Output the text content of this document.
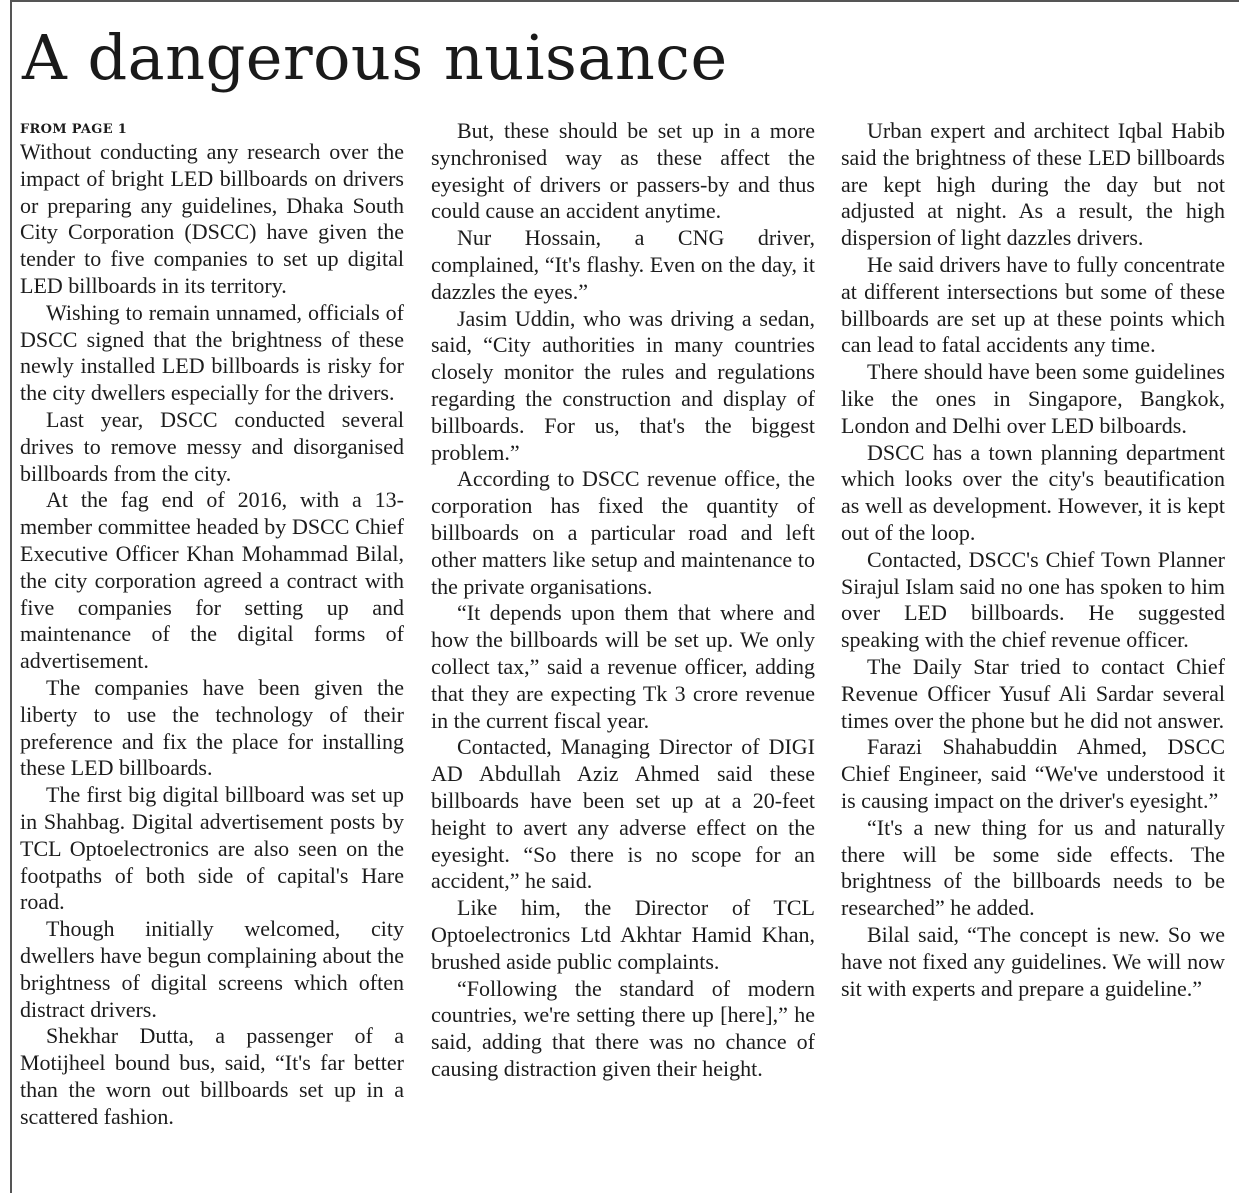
A dangerous nuisance
FROM PAGE 1

Without conducting any research over the impact of bright LED billboards on drivers or preparing any guidelines, Dhaka South City Corporation (DSCC) have given the tender to five companies to set up digital LED billboards in its territory.

Wishing to remain unnamed, officials of DSCC signed that the brightness of these newly installed LED billboards is risky for the city dwellers especially for the drivers.

Last year, DSCC conducted several drives to remove messy and disorganised billboards from the city.

At the fag end of 2016, with a 13-member committee headed by DSCC Chief Executive Officer Khan Mohammad Bilal, the city corporation agreed a contract with five companies for setting up and maintenance of the digital forms of advertisement.

The companies have been given the liberty to use the technology of their preference and fix the place for installing these LED billboards.

The first big digital billboard was set up in Shahbag. Digital advertisement posts by TCL Optoelectronics are also seen on the footpaths of both side of capital's Hare road.

Though initially welcomed, city dwellers have begun complaining about the brightness of digital screens which often distract drivers.

Shekhar Dutta, a passenger of a Motijheel bound bus, said, “It's far better than the worn out billboards set up in a scattered fashion.

But, these should be set up in a more synchronised way as these affect the eyesight of drivers or passers-by and thus could cause an accident anytime.

Nur Hossain, a CNG driver, complained, “It's flashy. Even on the day, it dazzles the eyes.”

Jasim Uddin, who was driving a sedan, said, “City authorities in many countries closely monitor the rules and regulations regarding the construction and display of billboards. For us, that's the biggest problem.”

According to DSCC revenue office, the corporation has fixed the quantity of billboards on a particular road and left other matters like setup and maintenance to the private organisations.

“It depends upon them that where and how the billboards will be set up. We only collect tax,” said a revenue officer, adding that they are expecting Tk 3 crore revenue in the current fiscal year.

Contacted, Managing Director of DIGI AD Abdullah Aziz Ahmed said these billboards have been set up at a 20-feet height to avert any adverse effect on the eyesight. “So there is no scope for an accident,” he said.

Like him, the Director of TCL Optoelectronics Ltd Akhtar Hamid Khan, brushed aside public complaints.

“Following the standard of modern countries, we're setting there up [here],” he said, adding that there was no chance of causing distraction given their height.

Urban expert and architect Iqbal Habib said the brightness of these LED billboards are kept high during the day but not adjusted at night. As a result, the high dispersion of light dazzles drivers.

He said drivers have to fully concentrate at different intersections but some of these billboards are set up at these points which can lead to fatal accidents any time.

There should have been some guidelines like the ones in Singapore, Bangkok, London and Delhi over LED bilboards.

DSCC has a town planning department which looks over the city's beautification as well as development. However, it is kept out of the loop.

Contacted, DSCC's Chief Town Planner Sirajul Islam said no one has spoken to him over LED billboards. He suggested speaking with the chief revenue officer.

The Daily Star tried to contact Chief Revenue Officer Yusuf Ali Sardar several times over the phone but he did not answer.

Farazi Shahabuddin Ahmed, DSCC Chief Engineer, said “We've understood it is causing impact on the driver's eyesight.”

“It's a new thing for us and naturally there will be some side effects. The brightness of the billboards needs to be researched” he added.

Bilal said, “The concept is new. So we have not fixed any guidelines. We will now sit with experts and prepare a guideline.”
